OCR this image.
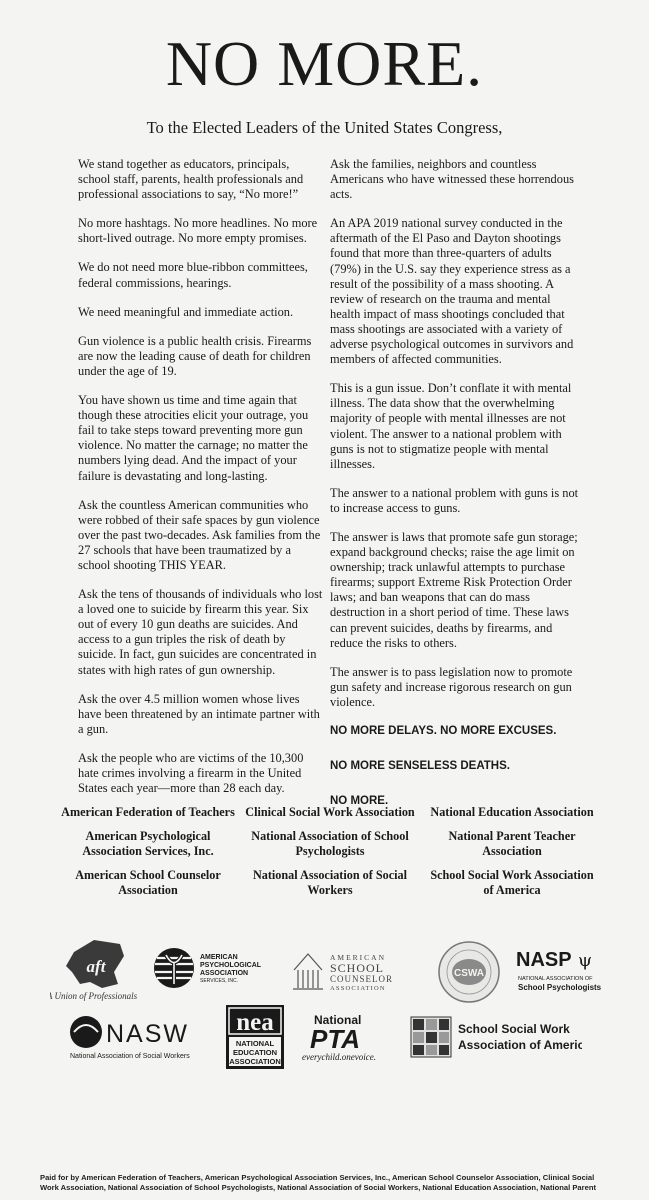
NO MORE.
To the Elected Leaders of the United States Congress,

We stand together as educators, principals, school staff, parents, health professionals and professional associations to say, “No more!”

No more hashtags. No more headlines. No more short-lived outrage. No more empty promises.

We do not need more blue-ribbon committees, federal commissions, hearings.

We need meaningful and immediate action.

Gun violence is a public health crisis. Firearms are now the leading cause of death for children under the age of 19.

You have shown us time and time again that though these atrocities elicit your outrage, you fail to take steps toward preventing more gun violence. No matter the carnage; no matter the numbers lying dead. And the impact of your failure is devastating and long-lasting.

Ask the countless American communities who were robbed of their safe spaces by gun violence over the past two-decades. Ask families from the 27 schools that have been traumatized by a school shooting THIS YEAR.

Ask the tens of thousands of individuals who lost a loved one to suicide by firearm this year. Six out of every 10 gun deaths are suicides. And access to a gun triples the risk of death by suicide. In fact, gun suicides are concentrated in states with high rates of gun ownership.

Ask the over 4.5 million women whose lives have been threatened by an intimate partner with a gun.

Ask the people who are victims of the 10,300 hate crimes involving a firearm in the United States each year—more than 28 each day.

Ask the families, neighbors and countless Americans who have witnessed these horrendous acts.

An APA 2019 national survey conducted in the aftermath of the El Paso and Dayton shootings found that more than three-quarters of adults (79%) in the U.S. say they experience stress as a result of the possibility of a mass shooting. A review of research on the trauma and mental health impact of mass shootings concluded that mass shootings are associated with a variety of adverse psychological outcomes in survivors and members of affected communities.

This is a gun issue. Don’t conflate it with mental illness. The data show that the overwhelming majority of people with mental illnesses are not violent. The answer to a national problem with guns is not to stigmatize people with mental illnesses.

The answer to a national problem with guns is not to increase access to guns.

The answer is laws that promote safe gun storage; expand background checks; raise the age limit on ownership; track unlawful attempts to purchase firearms; support Extreme Risk Protection Order laws; and ban weapons that can do mass destruction in a short period of time. These laws can prevent suicides, deaths by firearms, and reduce the risks to others.

The answer is to pass legislation now to promote gun safety and increase rigorous research on gun violence.

NO MORE DELAYS. NO MORE EXCUSES.

NO MORE SENSELESS DEATHS.

NO MORE.

American Federation of Teachers Clinical Social Work Association	National Education Association
American Psychological Association Services, Inc.
National Association of School Psychologists
National Parent Teacher Association
American School Counselor Association
National Association of Social Workers
School Social Work Association of America
aft
A Union of Professionals
AMERICAN
PSYCHOLOGICAL
ASSOCIATION
SERVICES, INC.
AMERICAN
SCHOOL
COUNSELOR
ASSOCIATION
CSWA
NASP ψ
NATIONAL ASSOCIATION OF
School Psychologists
NASW
National Association of Social Workers
nea
NATIONAL
EDUCATION
ASSOCIATION
National
PTA
everychild.onevoice.
School Social Work
Association of America
Paid for by American Federation of Teachers, American Psychological Association Services, Inc., American School Counselor Association, Clinical Social Work Association, National Association of School Psychologists, National Association of Social Workers, National Education Association, National Parent
